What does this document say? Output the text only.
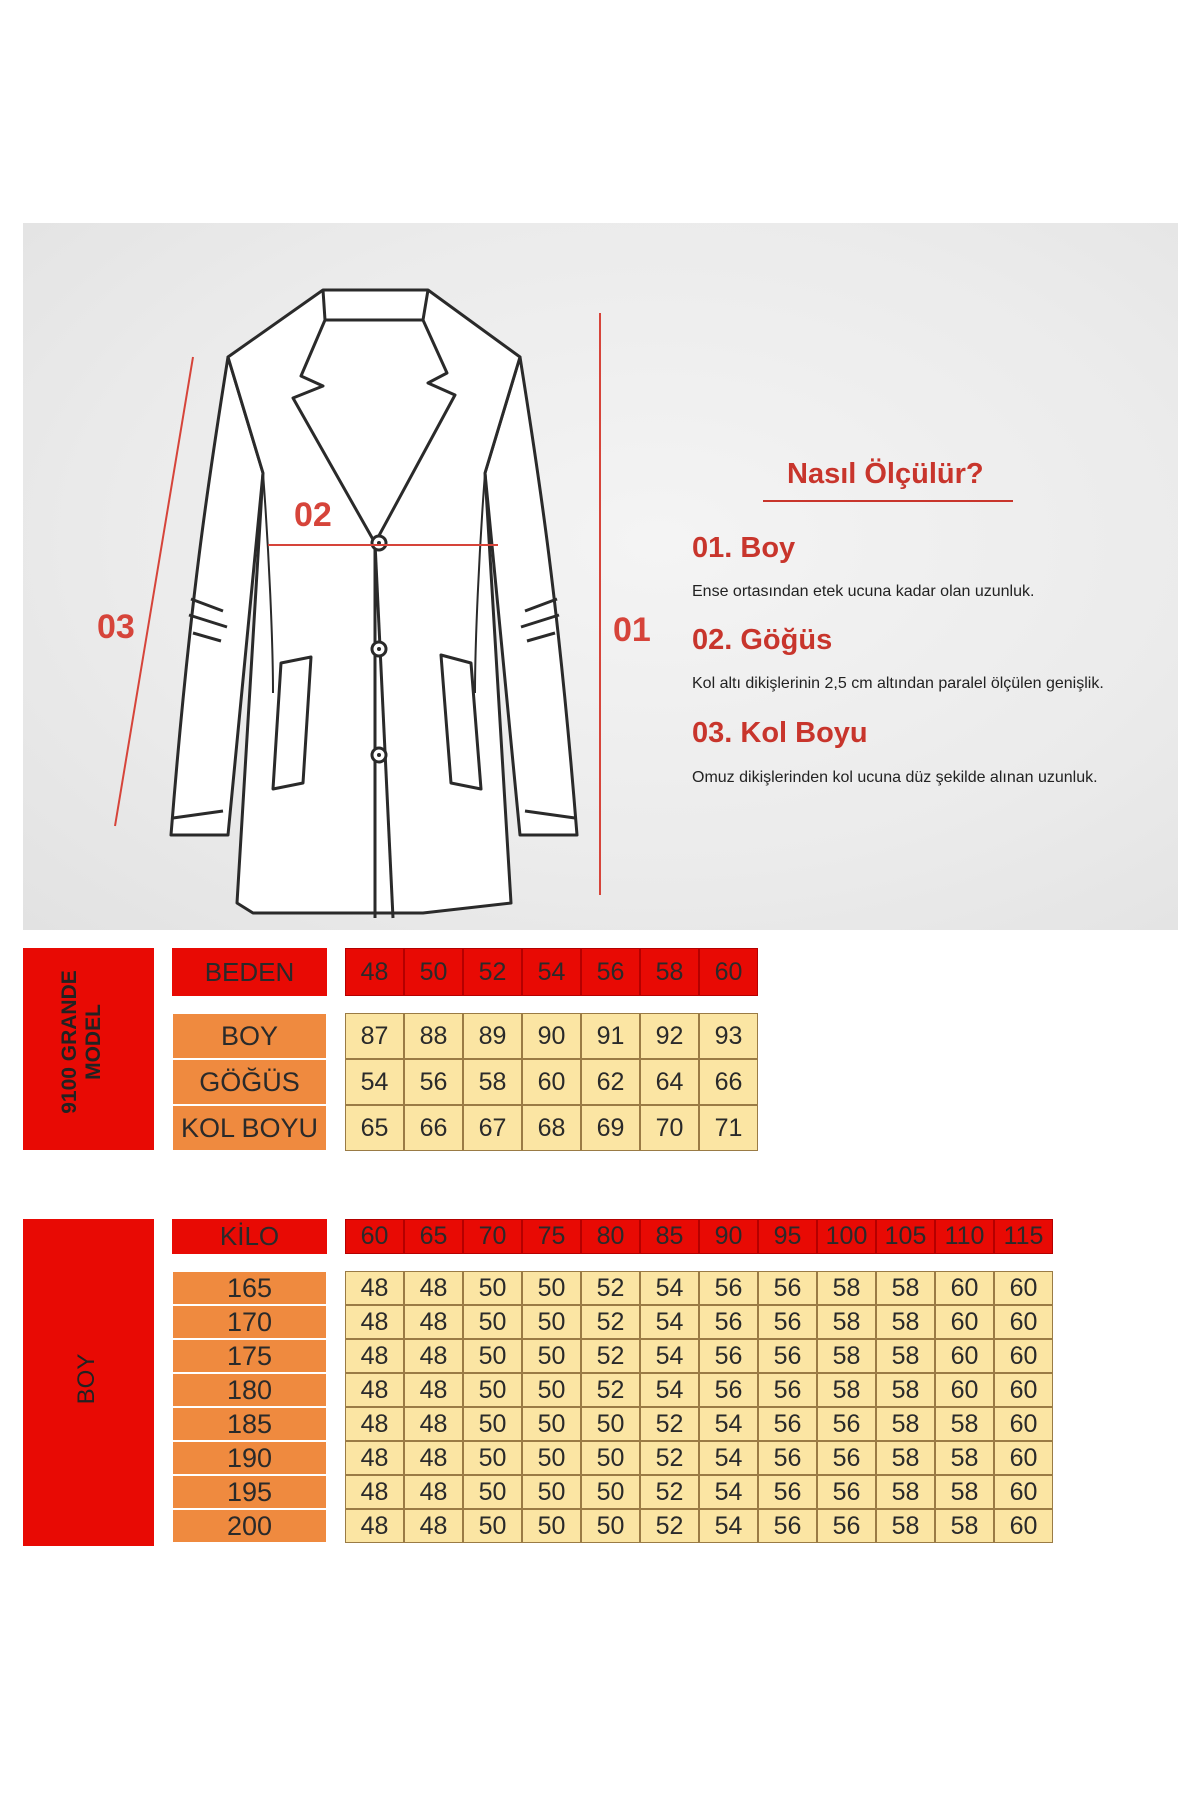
02
03	01
Nasıl Ölçülür?
01. Boy
Ense ortasından etek ucuna kadar olan uzunluk.
02. Göğüs
Kol altı dikişlerinin 2,5 cm altından paralel ölçülen genişlik.
03. Kol Boyu
Omuz dikişlerinden kol ucuna düz şekilde alınan uzunluk.
9100 GRANDE
MODEL
BOY
BEDEN	48	50	52	54	56	58	60
BOY	87	88	89	90	91	92	93
GÖĞÜS	54	56	58	60	62	64	66
KOL BOYU	65	66	67	68	69	70	71
KİLO	60	65	70	75	80	85	90	95 100 105 110 115
165	48	48	50	50	52	54	56	56	58	58	60	60
170	48	48	50	50	52	54	56	56	58	58	60	60
175	48	48	50	50	52	54	56	56	58	58	60	60
180	48	48	50	50	52	54	56	56	58	58	60	60
185	48	48	50	50	50	52	54	56	56	58	58	60
190	48	48	50	50	50	52	54	56	56	58	58	60
195	48	48	50	50	50	52	54	56	56	58	58	60
200	48	48	50	50	50	52	54	56	56	58	58	60
